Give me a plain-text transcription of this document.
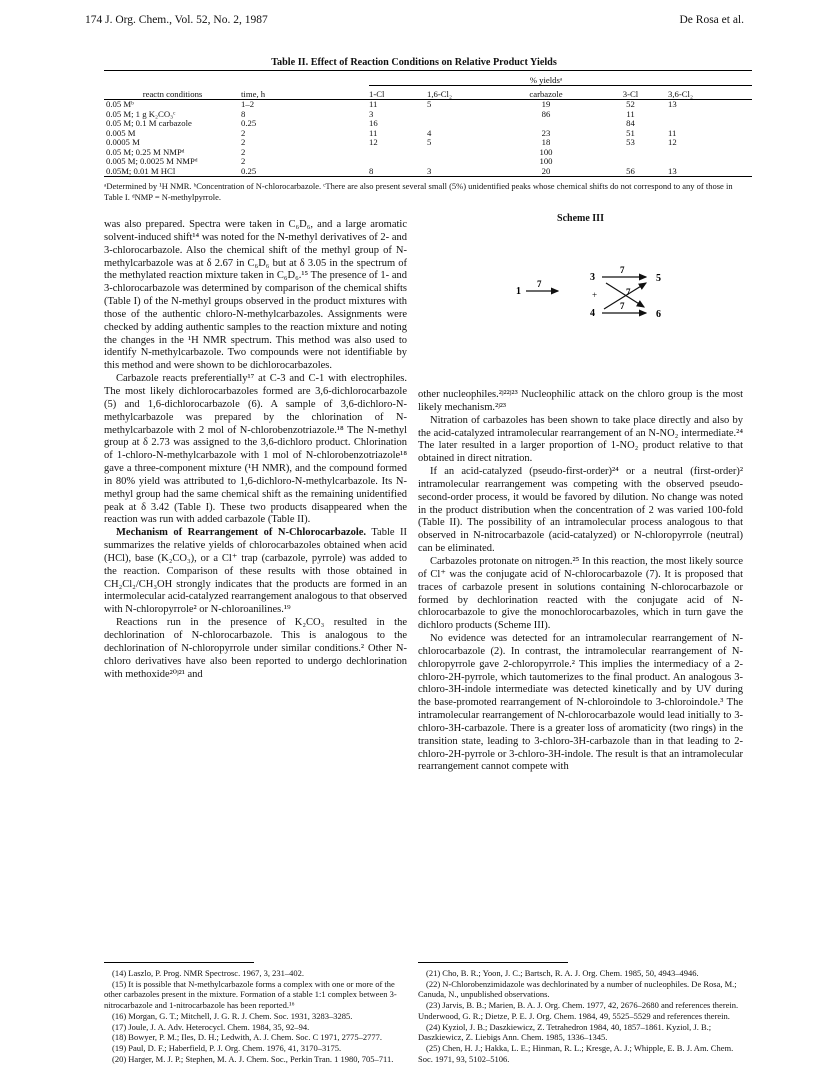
174 J. Org. Chem., Vol. 52, No. 2, 1987	De Rosa et al.
Table II. Effect of Reaction Conditions on Relative Product Yields
				% yieldsᵃ		
reactn conditions	time, h	1-Cl	1,6-Cl₂	carbazole	3-Cl	3,6-Cl₂
0.05 Mᵇ	1–2	11	5	19	52	13
0.05 M; 1 g K₂CO₃ᶜ	8	3		86	11	
0.05 M; 0.1 M carbazole	0.25	16			84	
0.005 M	2	11	4	23	51	11
0.0005 M	2	12	5	18	53	12
0.05 M; 0.25 M NMPᵈ	2			100		
0.005 M; 0.0025 M NMPᵈ	2			100		
0.05M; 0.01 M HCl	0.25	8	3	20	56	13
ᵃDetermined by ¹H NMR. ᵇConcentration of N-chlorocarbazole. ᶜThere are also present several small (5%) unidentified peaks whose chemical shifts do not correspond to any of those in Table I. ᵈNMP = N-methylpyrrole.

was also prepared. Spectra were taken in C₆D₆, and a large aromatic solvent-induced shift¹⁴ was noted for the N-methyl derivatives of 2- and 3-chlorocarbazole. Also the chemical shift of the methyl group of N-methylcarbazole was at δ 2.67 in C₆D₆ but at δ 3.05 in the spectrum of the methylated reaction mixture taken in C₆D₆.¹⁵ The presence of 1- and 3-chlorocarbazole was determined by comparison of the chemical shifts (Table I) of the N-methyl groups observed in the product mixtures with those of the authentic chloro-N-methylcarbazoles. Assignments were checked by adding authentic samples to the reaction mixture and noting the changes in the ¹H NMR spectrum. This method was also used to identify N-methylcarbazole. Two compounds were not identifiable by this method and were shown to be dichlorocarbazoles.

Carbazole reacts preferentially¹⁷ at C-3 and C-1 with electrophiles. The most likely dichlorocarbazoles formed are 3,6-dichlorocarbazole (5) and 1,6-dichlorocarbazole (6). A sample of 3,6-dichloro-N-methylcarbazole was prepared by the chlorination of N-methylcarbazole with 2 mol of N-chlorobenzotriazole.¹⁸ The N-methyl group at δ 2.73 was assigned to the 3,6-dichloro product. Chlorination of 1-chloro-N-methylcarbazole with 1 mol of N-chlorobenzotriazole¹⁸ gave a three-component mixture (¹H NMR), and the compound formed in 80% yield was attributed to 1,6-dichloro-N-methylcarbazole. Its N-methyl group had the same chemical shift as the remaining unidentified peak at δ 3.42 (Table I). These two products disappeared when the reaction was run with added carbazole (Table II).

Mechanism of Rearrangement of N-Chlorocarbazole. Table II summarizes the relative yields of chlorocarbazoles obtained when acid (HCl), base (K₂CO₃), or a Cl⁺ trap (carbazole, pyrrole) was added to the reaction. Comparison of these results with those obtained in CH₂Cl₂/CH₃OH strongly indicates that the products are formed in an intermolecular acid-catalyzed rearrangement analogous to that observed with N-chloropyrrole² or N-chloroanilines.¹⁹

Reactions run in the presence of K₂CO₃ resulted in the dechlorination of N-chlorocarbazole. This is analogous to the dechlorination of N-chloropyrrole under similar conditions.² Other N-chloro derivatives have also been reported to undergo dechlorination with methoxide²⁰ʲ²¹ and

Scheme III
1
7
3
+
4
7
7
7
5
6

other nucleophiles.²ʲ²²ʲ²³ Nucleophilic attack on the chloro group is the most likely mechanism.²ʲ²³

Nitration of carbazoles has been shown to take place directly and also by the acid-catalyzed intramolecular rearrangement of an N-NO₂ intermediate.²⁴ The later resulted in a larger proportion of 1-NO₂ product relative to that obtained in direct nitration.

If an acid-catalyzed (pseudo-first-order)²⁴ or a neutral (first-order)² intramolecular rearrangement was competing with the observed pseudo-second-order process, it would be favored by dilution. No change was noted in the product distribution when the concentration of 2 was varied 100-fold (Table II). The possibility of an intramolecular process analogous to that observed in N-nitrocarbazole (acid-catalyzed) or N-chloropyrrole (neutral) can be eliminated.

Carbazoles protonate on nitrogen.²⁵ In this reaction, the most likely source of Cl⁺ was the conjugate acid of N-chlorocarbazole (7). It is proposed that traces of carbazole present in solutions containing N-chlorocarbazole or formed by dechlorination reacted with the conjugate acid of N-chlorocarbazole to give the monochlorocarbazoles, which in turn gave the dichloro products (Scheme III).

No evidence was detected for an intramolecular rearrangement of N-chlorocarbazole (2). In contrast, the intramolecular rearrangement of N-chloropyrrole gave 2-chloropyrrole.² This implies the intermediacy of a 2-chloro-2H-pyrrole, which tautomerizes to the final product. An analogous 3-chloro-3H-indole intermediate was detected kinetically and by UV during the base-promoted rearrangement of N-chloroindole to 3-chloroindole.³ The intramolecular rearrangement of N-chlorocarbazole would lead initially to 3-chloro-3H-carbazole. There is a greater loss of aromaticity (two rings) in the transition state, leading to 3-chloro-3H-carbazole than in that leading to 2-chloro-2H-pyrrole or 3-chloro-3H-indole. The result is that an intramolecular rearrangement cannot compete with

(14) Laszlo, P. Prog. NMR Spectrosc. 1967, 3, 231–402.

(15) It is possible that N-methylcarbazole forms a complex with one or more of the other carbazoles present in the mixture. Formation of a stable 1:1 complex between 3-nitrocarbazole and 1-nitrocarbazole has been reported.¹⁶

(16) Morgan, G. T.; Mitchell, J. G. R. J. Chem. Soc. 1931, 3283–3285.

(17) Joule, J. A. Adv. Heterocycl. Chem. 1984, 35, 92–94.

(18) Bowyer, P. M.; Iles, D. H.; Ledwith, A. J. Chem. Soc. C 1971, 2775–2777.

(19) Paul, D. F.; Haberfield, P. J. Org. Chem. 1976, 41, 3170–3175.

(20) Harger, M. J. P.; Stephen, M. A. J. Chem. Soc., Perkin Tran. 1 1980, 705–711.

(21) Cho, B. R.; Yoon, J. C.; Bartsch, R. A. J. Org. Chem. 1985, 50, 4943–4946.

(22) N-Chlorobenzimidazole was dechlorinated by a number of nucleophiles. De Rosa, M.; Canuda, N., unpublished observations.

(23) Jarvis, B. B.; Marien, B. A. J. Org. Chem. 1977, 42, 2676–2680 and references therein. Underwood, G. R.; Dietze, P. E. J. Org. Chem. 1984, 49, 5525–5529 and references therein.

(24) Kyziol, J. B.; Daszkiewicz, Z. Tetrahedron 1984, 40, 1857–1861. Kyziol, J. B.; Daszkiewicz, Z. Liebigs Ann. Chem. 1985, 1336–1345.

(25) Chen, H. J.; Hakka, L. E.; Hinman, R. L.; Kresge, A. J.; Whipple, E. B. J. Am. Chem. Soc. 1971, 93, 5102–5106.
